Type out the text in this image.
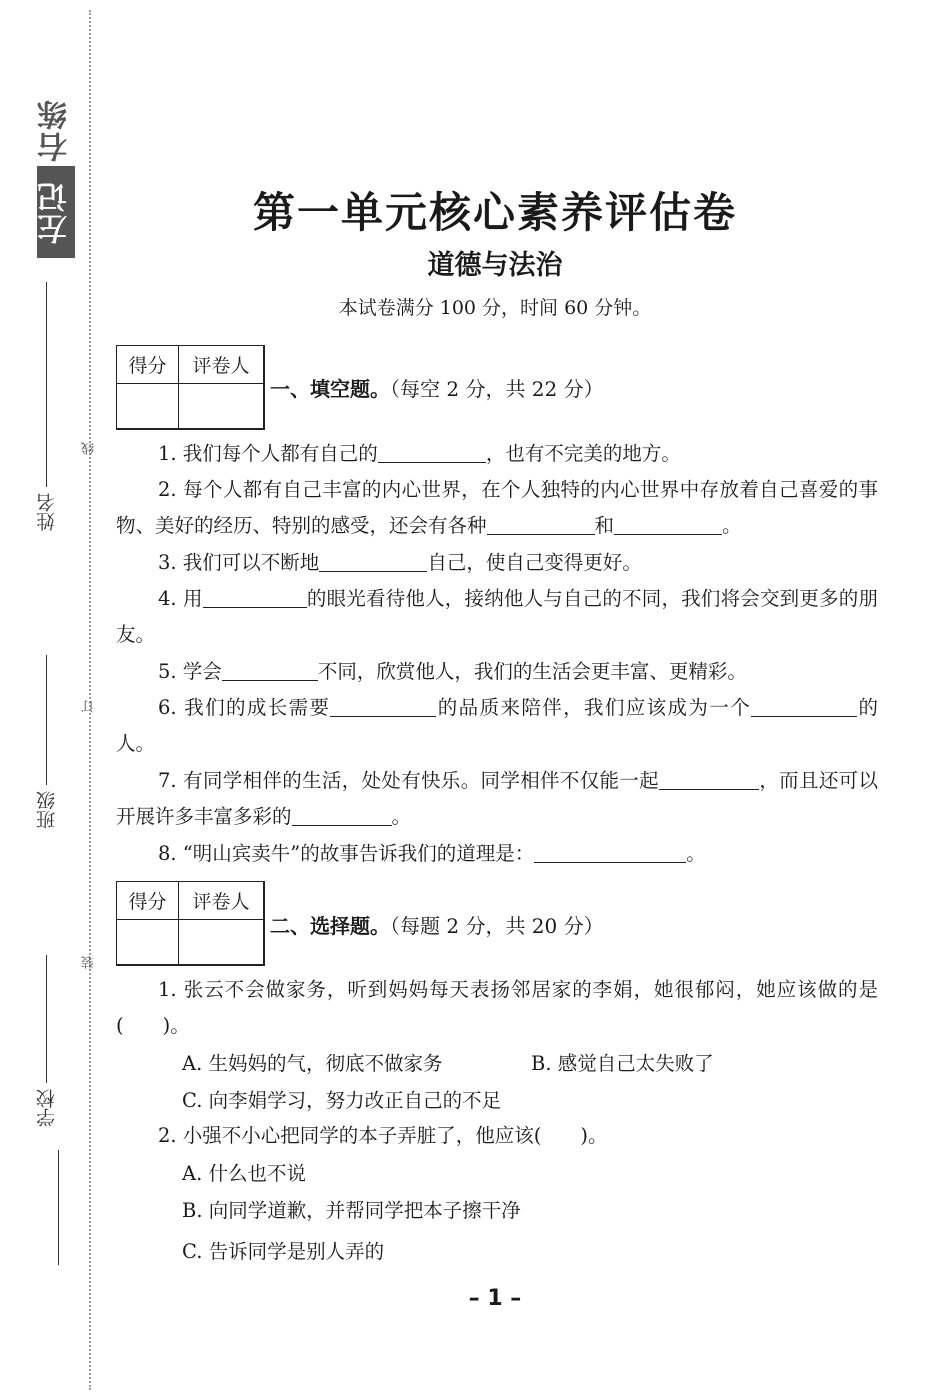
右练
左记
姓名
班级
学校
线
订
装
第一单元核心素养评估卷
道德与法治
本试卷满分 100 分，时间 60 分钟。
得分	评卷人
一、填空题。（每空 2 分，共 22 分）
1. 我们每个人都有自己的	，也有不完美的地方。
2. 每个人都有自己丰富的内心世界，在个人独特的内心世界中存放着自己喜爱的事物、美好的经历、特别的感受，还会有各种	和	。
3. 我们可以不断地	自己，使自己变得更好。
4. 用	的眼光看待他人，接纳他人与自己的不同，我们将会交到更多的朋友。
5. 学会	不同，欣赏他人，我们的生活会更丰富、更精彩。
6. 我们的成长需要	的品质来陪伴，我们应该成为一个	的人。
7. 有同学相伴的生活，处处有快乐。同学相伴不仅能一起	，而且还可以开展许多丰富多彩的	。
8. “明山宾卖牛”的故事告诉我们的道理是：	。
得分	评卷人
二、选择题。（每题 2 分，共 20 分）
1. 张云不会做家务，听到妈妈每天表扬邻居家的李娟，她很郁闷，她应该做的是(　　)。
A. 生妈妈的气，彻底不做家务	B. 感觉自己太失败了
C. 向李娟学习，努力改正自己的不足
2. 小强不小心把同学的本子弄脏了，他应该(　　)。
A. 什么也不说
B. 向同学道歉，并帮同学把本子擦干净
C. 告诉同学是别人弄的
– 1 –
